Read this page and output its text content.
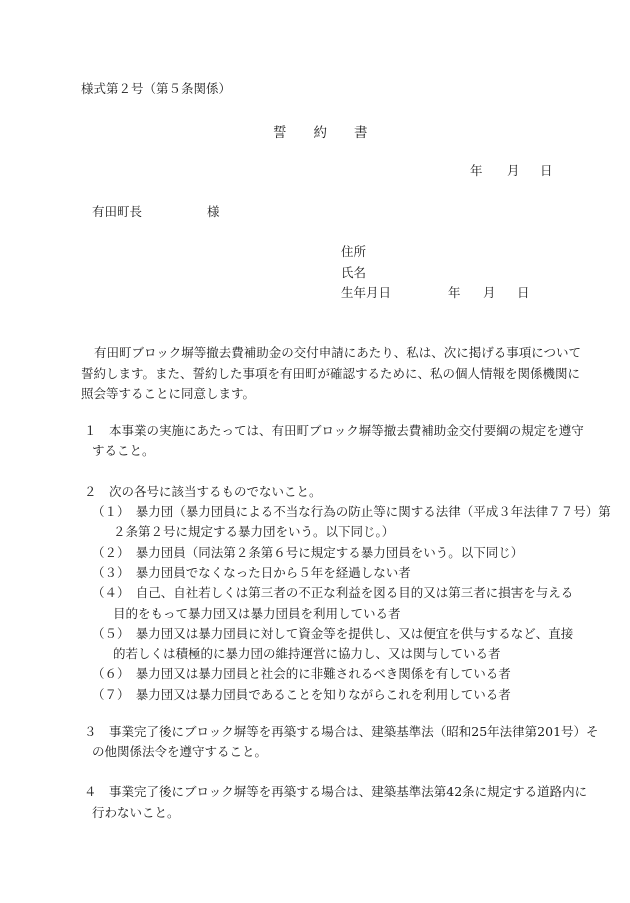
様式第２号（第５条関係）
誓　　約　　書
年 月 日
有田町長	様
住所
氏名
生年月日	年 月 日
有田町ブロック塀等撤去費補助金の交付申請にあたり、私は、次に掲げる事項について
誓約します。また、誓約した事項を有田町が確認するために、私の個人情報を関係機関に
照会等することに同意します。
１　本事業の実施にあたっては、有田町ブロック塀等撤去費補助金交付要綱の規定を遵守
すること。
２　次の各号に該当するものでないこと。
（１）　暴力団（暴力団員による不当な行為の防止等に関する法律（平成３年法律７７号）第
２条第２号に規定する暴力団をいう。以下同じ。）
（２）　暴力団員（同法第２条第６号に規定する暴力団員をいう。以下同じ）
（３）　暴力団員でなくなった日から５年を経過しない者
（４）　自己、自社若しくは第三者の不正な利益を図る目的又は第三者に損害を与える
目的をもって暴力団又は暴力団員を利用している者
（５）　暴力団又は暴力団員に対して資金等を提供し、又は便宜を供与するなど、直接
的若しくは積極的に暴力団の維持運営に協力し、又は関与している者
（６）　暴力団又は暴力団員と社会的に非難されるべき関係を有している者
（７）　暴力団又は暴力団員であることを知りながらこれを利用している者
３　事業完了後にブロック塀等を再築する場合は、建築基準法（昭和25年法律第201号）そ
の他関係法令を遵守すること。
４　事業完了後にブロック塀等を再築する場合は、建築基準法第42条に規定する道路内に
行わないこと。
